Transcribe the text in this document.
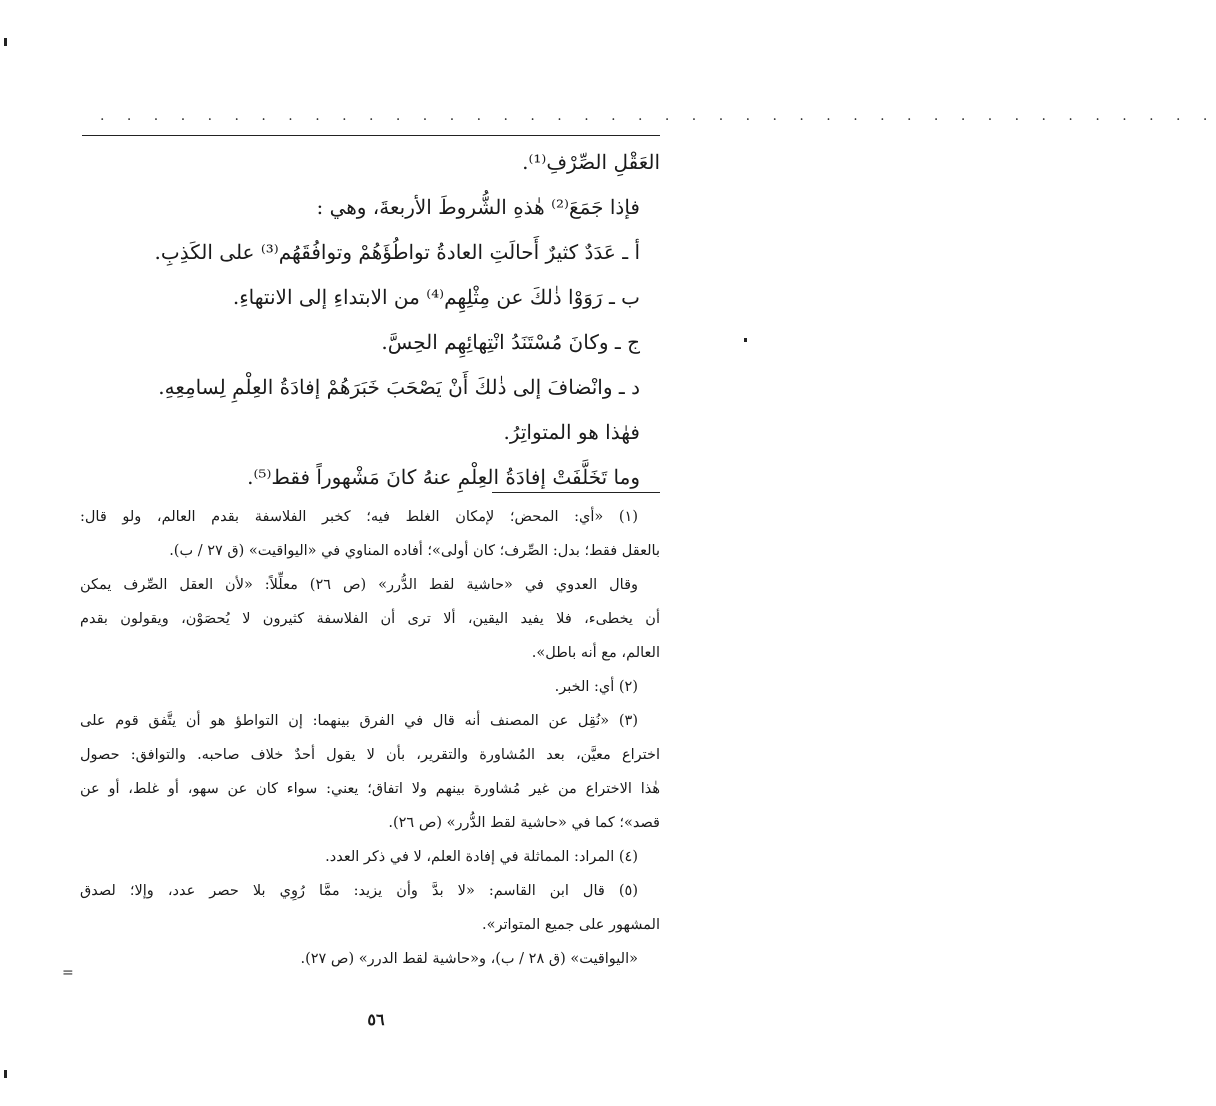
. . . . . . . . . . . . . . . . . . . . . . . . . . . . . . . . . . . . . . . . . .
العَقْلِ الصِّرْفِ⁽¹⁾.
فإذا جَمَعَ⁽²⁾ هٰذهِ الشُّروطَ الأربعةَ، وهي :
أ ـ عَدَدٌ كثيرٌ أَحالَتِ العادةُ تواطُؤَهُمْ وتوافُقَهُم⁽³⁾ على الكَذِبِ.
ب ـ رَوَوْا ذٰلكَ عن مِثْلِهِم⁽⁴⁾ من الابتداءِ إلى الانتهاءِ.
ج ـ وكانَ مُسْتَنَدُ انْتِهائِهِم الحِسَّ.
د ـ وانْضافَ إلى ذٰلكَ أَنْ يَصْحَبَ خَبَرَهُمْ إفادَةُ العِلْمِ لِسامِعِهِ.
فهٰذا هو المتواتِرُ.
وما تَخَلَّفَتْ إفادَةُ العِلْمِ عنهُ كانَ مَشْهوراً فقط⁽⁵⁾.
(١) «أي: المحض؛ لإمكان الغلط فيه؛ كخبر الفلاسفة بقدم العالم، ولو قال:
بالعقل فقط؛ بدل: الصِّرف؛ كان أولى»؛ أفاده المناوي في «اليواقيت» (ق ٢٧ / ب).
وقال العدوي في «حاشية لقط الدُّرر» (ص ٢٦) معلِّلاً: «لأن العقل الصِّرف يمكن
أن يخطىء، فلا يفيد اليقين، ألا ترى أن الفلاسفة كثيرون لا يُحصَوْن، ويقولون بقدم
العالم، مع أنه باطل».
(٢) أي: الخبر.
(٣) «نُقِل عن المصنف أنه قال في الفرق بينهما: إن التواطؤ هو أن يتَّفق قوم على
اختراع معيَّن، بعد المُشاورة والتقرير، بأن لا يقول أحدٌ خلاف صاحبه. والتوافق: حصول
هٰذا الاختراع من غير مُشاورة بينهم ولا اتفاق؛ يعني: سواء كان عن سهو، أو غلط، أو عن
قصد»؛ كما في «حاشية لقط الدُّرر» (ص ٢٦).
(٤) المراد: المماثلة في إفادة العلم، لا في ذكر العدد.
(٥) قال ابن القاسم: «لا بدَّ وأن يزيد: ممَّا رُوِي بلا حصر عدد، وإلا؛ لصدق
المشهور على جميع المتواتر».
«اليواقيت» (ق ٢٨ / ب)، و«حاشية لقط الدرر» (ص ٢٧).
٥٦
=
